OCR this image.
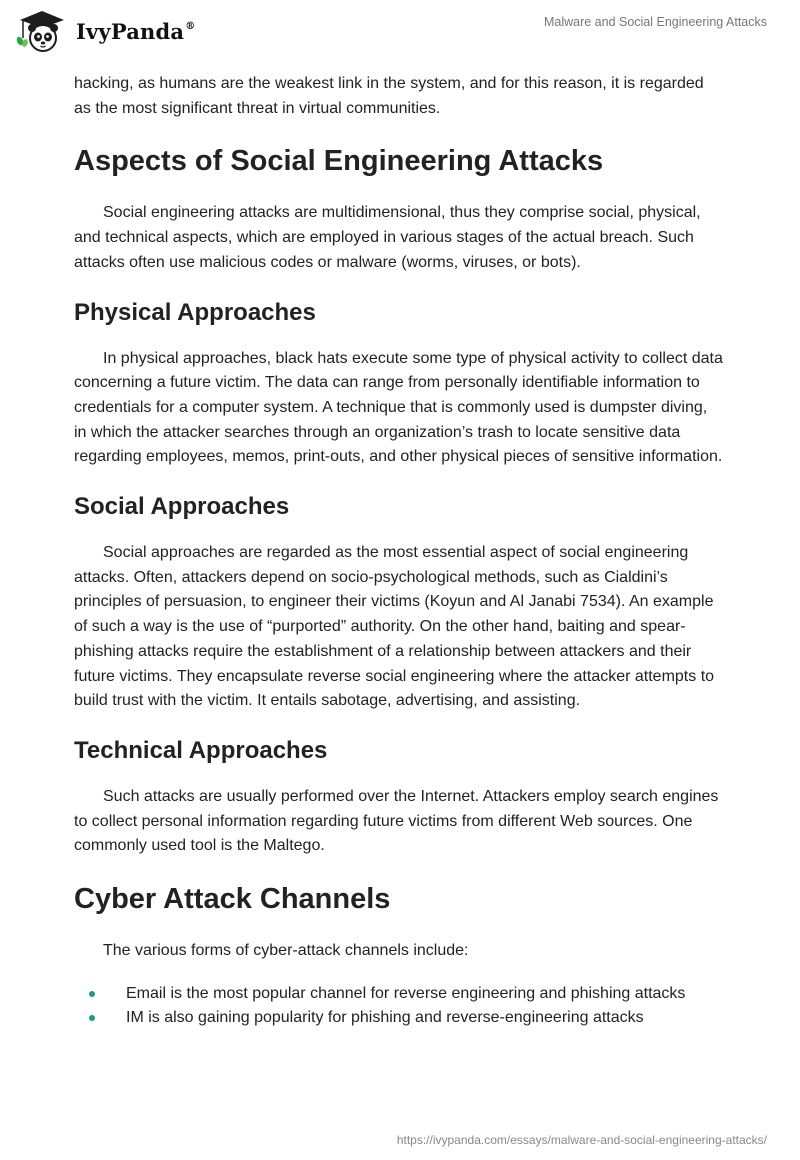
IvyPanda®	Malware and Social Engineering Attacks

hacking, as humans are the weakest link in the system, and for this reason, it is regarded as the most significant threat in virtual communities.

Aspects of Social Engineering Attacks

Social engineering attacks are multidimensional, thus they comprise social, physical, and technical aspects, which are employed in various stages of the actual breach. Such attacks often use malicious codes or malware (worms, viruses, or bots).

Physical Approaches

In physical approaches, black hats execute some type of physical activity to collect data concerning a future victim. The data can range from personally identifiable information to credentials for a computer system. A technique that is commonly used is dumpster diving, in which the attacker searches through an organization’s trash to locate sensitive data regarding employees, memos, print-outs, and other physical pieces of sensitive information.

Social Approaches

Social approaches are regarded as the most essential aspect of social engineering attacks. Often, attackers depend on socio-psychological methods, such as Cialdini’s principles of persuasion, to engineer their victims (Koyun and Al Janabi 7534). An example of such a way is the use of “purported” authority. On the other hand, baiting and spear-phishing attacks require the establishment of a relationship between attackers and their future victims. They encapsulate reverse social engineering where the attacker attempts to build trust with the victim. It entails sabotage, advertising, and assisting.

Technical Approaches

Such attacks are usually performed over the Internet. Attackers employ search engines to collect personal information regarding future victims from different Web sources. One commonly used tool is the Maltego.

Cyber Attack Channels

The various forms of cyber-attack channels include:

Email is the most popular channel for reverse engineering and phishing attacks
IM is also gaining popularity for phishing and reverse-engineering attacks
https://ivypanda.com/essays/malware-and-social-engineering-attacks/
